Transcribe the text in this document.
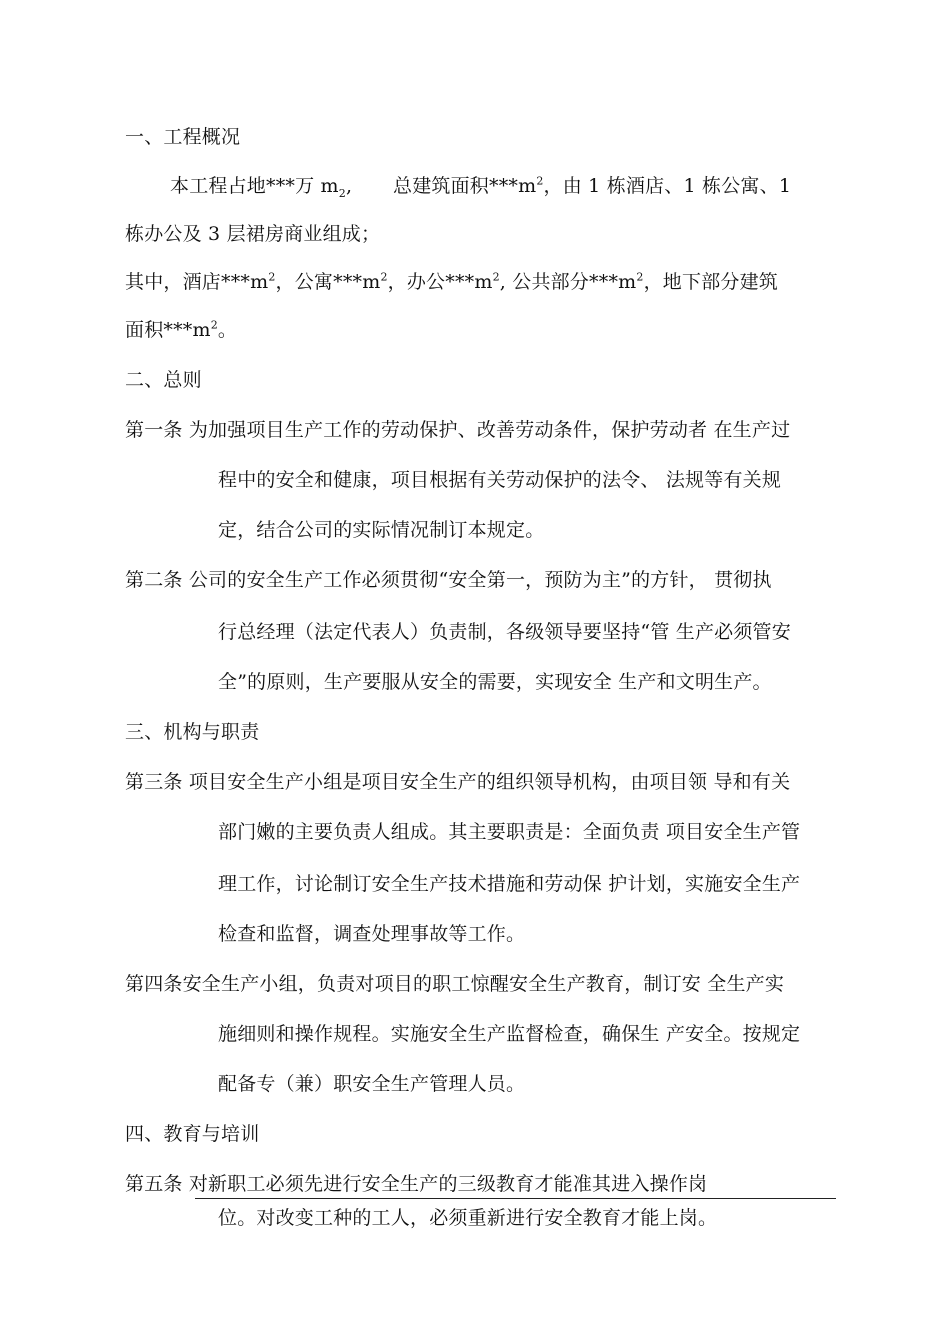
一、工程概况
本工程占地***万 $m_2$, 总建筑面积$***m^2$，由 1 栋酒店、1 栋公寓、1
栋办公及 3 层裙房商业组成；
其中，酒店$***m^2$，公寓$***m^2$，办公$***m^2$, 公共部分$***m^2$，地下部分建筑
面积$***m^2$。
二、总则
第一条 为加强项目生产工作的劳动保护、改善劳动条件，保护劳动者 在生产过
程中的安全和健康，项目根据有关劳动保护的法令、 法规等有关规
定，结合公司的实际情况制订本规定。
第二条 公司的安全生产工作必须贯彻“安全第一，预防为主”的方针， 贯彻执
行总经理（法定代表人）负责制，各级领导要坚持“管 生产必须管安
全”的原则，生产要服从安全的需要，实现安全 生产和文明生产。
三、机构与职责
第三条 项目安全生产小组是项目安全生产的组织领导机构，由项目领 导和有关
部门嫩的主要负责人组成。其主要职责是：全面负责 项目安全生产管
理工作，讨论制订安全生产技术措施和劳动保 护计划，实施安全生产
检查和监督，调查处理事故等工作。
第四条安全生产小组，负责对项目的职工惊醒安全生产教育，制订安 全生产实
施细则和操作规程。实施安全生产监督检查，确保生 产安全。按规定
配备专（兼）职安全生产管理人员。
四、教育与培训
第五条 对新职工必须先进行安全生产的三级教育才能准其进入操作岗
位。对改变工种的工人，必须重新进行安全教育才能上岗。
